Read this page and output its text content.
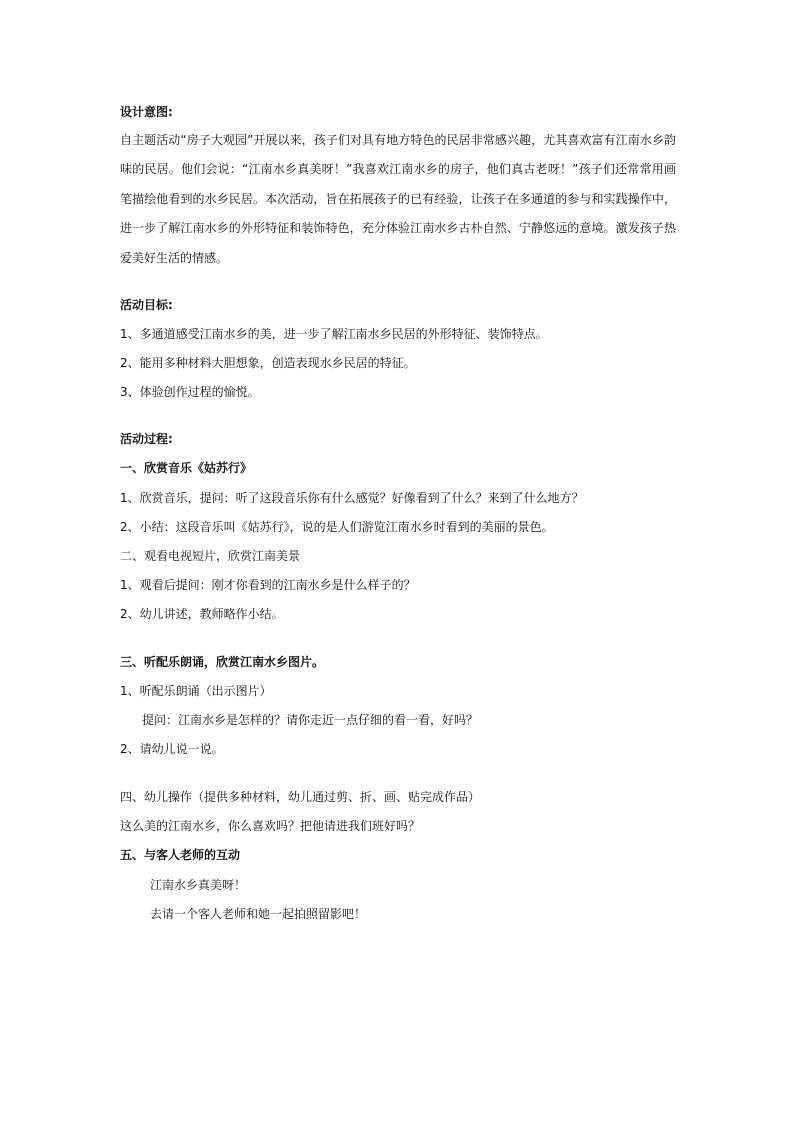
设计意图:
自主题活动“房子大观园”开展以来，孩子们对具有地方特色的民居非常感兴趣，尤其喜欢富有江南水乡韵味的民居。他们会说：“江南水乡真美呀！”我喜欢江南水乡的房子，他们真古老呀！”孩子们还常常用画笔描绘他看到的水乡民居。本次活动，旨在拓展孩子的已有经验，让孩子在多通道的参与和实践操作中，进一步了解江南水乡的外形特征和装饰特色，充分体验江南水乡古朴自然、宁静悠远的意境。激发孩子热爱美好生活的情感。
活动目标:
1、多通道感受江南水乡的美，进一步了解江南水乡民居的外形特征、装饰特点。
2、能用多种材料大胆想象，创造表现水乡民居的特征。
3、体验创作过程的愉悦。
活动过程:
一、欣赏音乐《姑苏行》
1、欣赏音乐，提问：听了这段音乐你有什么感觉？好像看到了什么？来到了什么地方？
2、小结：这段音乐叫《姑苏行》，说的是人们游览江南水乡时看到的美丽的景色。
二、观看电视短片，欣赏江南美景
1、观看后提问：刚才你看到的江南水乡是什么样子的？
2、幼儿讲述，教师略作小结。
三、听配乐朗诵，欣赏江南水乡图片。
1、听配乐朗诵（出示图片）
提问：江南水乡是怎样的？请你走近一点仔细的看一看，好吗？
2、请幼儿说一说。
四、幼儿操作（提供多种材料，幼儿通过剪、折、画、贴完成作品）
这么美的江南水乡，你么喜欢吗？把他请进我们班好吗？
五、与客人老师的互动
江南水乡真美呀！
去请一个客人老师和她一起拍照留影吧！
